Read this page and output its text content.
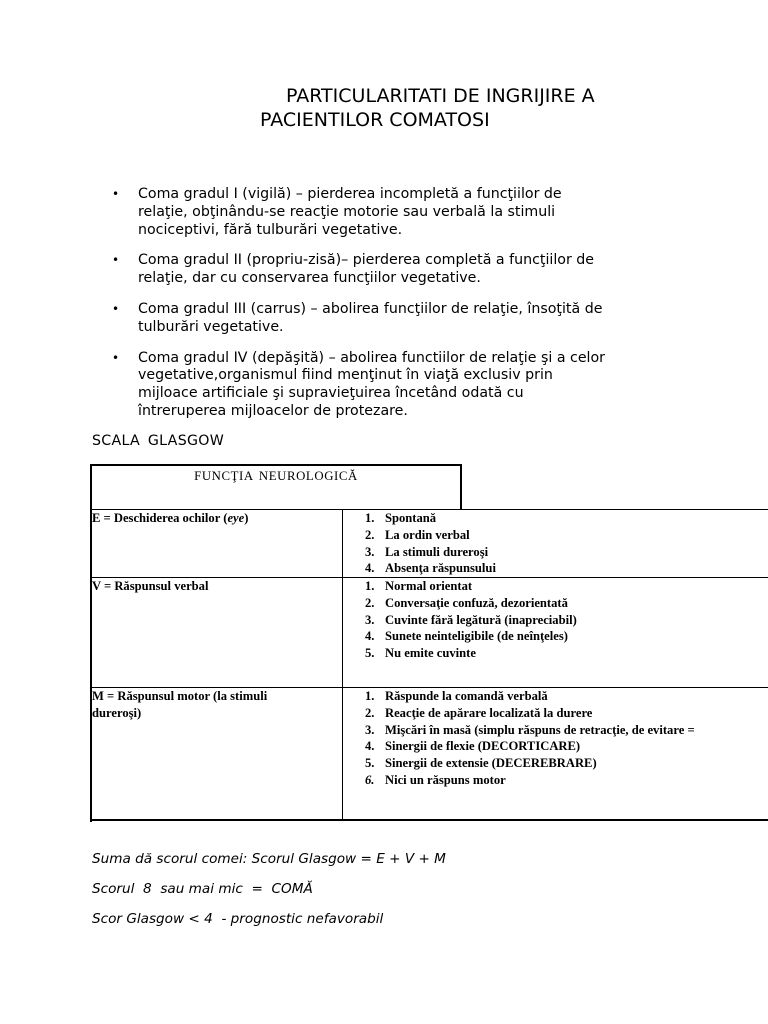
PARTICULARITATI DE INGRIJIRE A
PACIENTILOR COMATOSI
• Coma gradul I (vigilă) – pierderea incompletă a funcţiilor de
relaţie, obţinându-se reacţie motorie sau verbală la stimuli
nociceptivi, fără tulburări vegetative.
• Coma gradul II (propriu-zisă)– pierderea completă a funcţiilor de
relaţie, dar cu conservarea funcţiilor vegetative.
• Coma gradul III (carrus) – abolirea funcţiilor de relaţie, însoţită de
tulburări vegetative.
• Coma gradul IV (depăşită) – abolirea functiilor de relaţie şi a celor
vegetative,organismul fiind menţinut în viaţă exclusiv prin
mijloace artificiale şi supravieţuirea încetând odată cu
întreruperea mijloacelor de protezare.
SCALA GLASGOW
FUNCŢIA NEUROLOGICĂ
E = Deschiderea ochilor (eye)	1. Spontană
2. La ordin verbal
3. La stimuli dureroşi
4. Absenţa răspunsului
V = Răspunsul verbal	1. Normal orientat
2. Conversaţie confuză, dezorientată
3. Cuvinte fără legătură (inapreciabil)
4. Sunete neinteligibile (de neînţeles)
5. Nu emite cuvinte
M = Răspunsul motor (la stimuli
dureroşi)
1. Răspunde la comandă verbală
2. Reacţie de apărare localizată la durere
3. Mişcări în masă (simplu răspuns de retracţie, de evitare =
4. Sinergii de flexie (DECORTICARE)
5. Sinergii de extensie (DECEREBRARE)
6. Nici un răspuns motor
Suma dă scorul comei: Scorul Glasgow = E + V + M
Scorul  8  sau mai mic  =  COMĂ
Scor Glasgow < 4  - prognostic nefavorabil
